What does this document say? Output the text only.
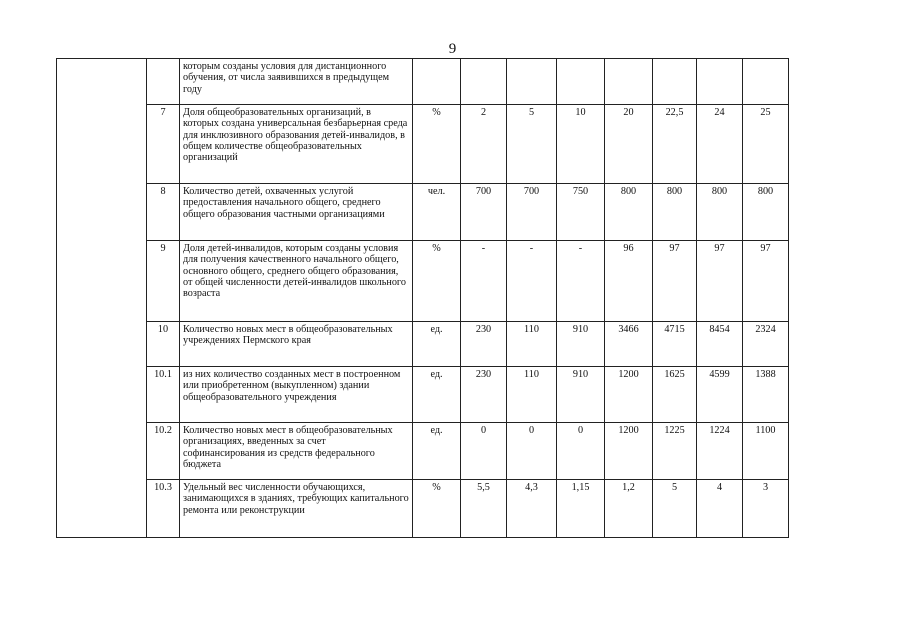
9
		которым созданы условия для дистанционного обучения, от числа заявившихся в предыдущем году								
	7	Доля общеобразовательных организаций, в которых создана универсальная безбарьерная среда для инклюзивного образования детей-инвалидов, в общем количестве общеобразовательных организаций	%	2	5	10	20	22,5	24	25
	8	Количество детей, охваченных услугой предоставления начального общего, среднего общего образования частными организациями	чел.	700	700	750	800	800	800	800
	9	Доля детей-инвалидов, которым созданы условия для получения качественного начального общего, основного общего, среднего общего образования, от общей численности детей-инвалидов школьного возраста	%	-	-	-	96	97	97	97
	10	Количество новых мест в общеобразовательных учреждениях Пермского края	ед.	230	110	910	3466	4715	8454	2324
	10.1	из них количество созданных мест в построенном или приобретенном (выкупленном) здании общеобразовательного учреждения	ед.	230	110	910	1200	1625	4599	1388
	10.2	Количество новых мест в общеобразовательных организациях, введенных за счет софинансирования из средств федерального бюджета	ед.	0	0	0	1200	1225	1224	1100
	10.3	Удельный вес численности обучающихся, занимающихся в зданиях, требующих капитального ремонта или реконструкции	%	5,5	4,3	1,15	1,2	5	4	3
